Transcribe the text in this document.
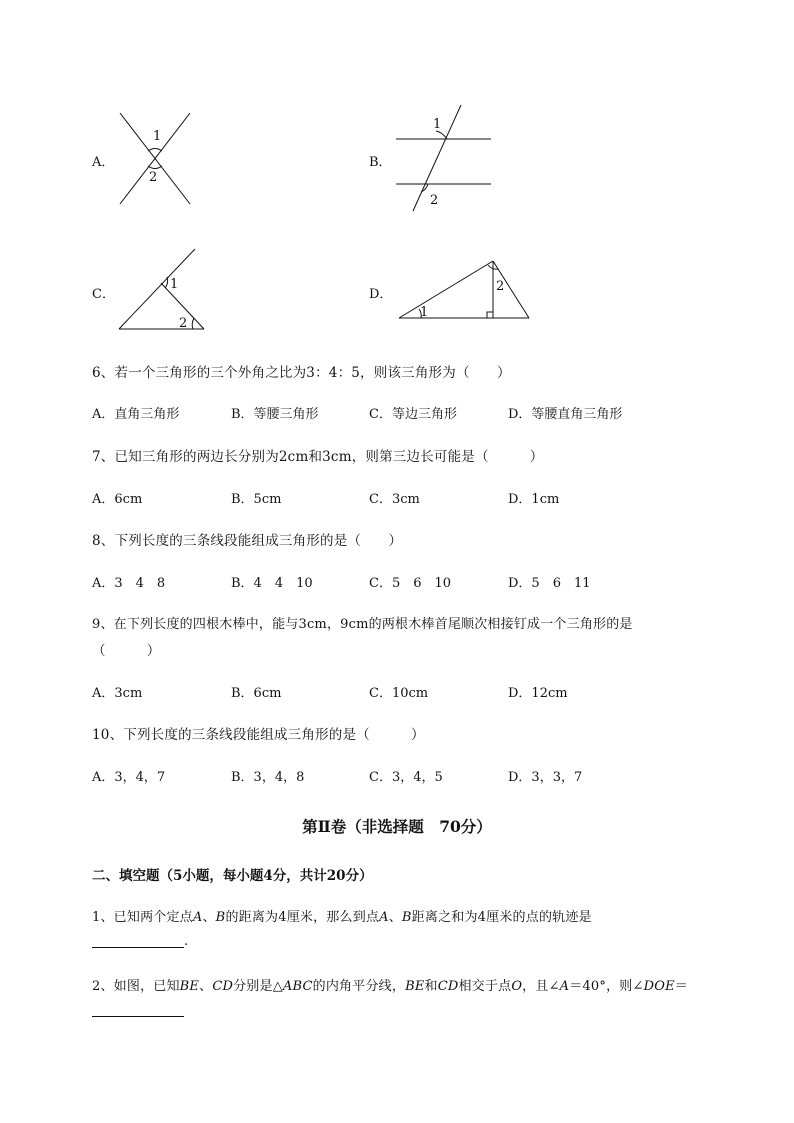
A．
1
2
B．
1
2
C．
1
2
D．
1
2
6、若一个三角形的三个外角之比为3：4：5，则该三角形为（　　）
A．直角三角形	B．等腰三角形	C．等边三角形	D．等腰直角三角形
7、已知三角形的两边长分别为2cm和3cm，则第三边长可能是（　　　）
A．6cm	B．5cm	C．3cm	D．1cm
8、下列长度的三条线段能组成三角形的是（　　）
A．3　4　8	B．4　4　10	C．5　6　10	D．5　6　11
9、在下列长度的四根木棒中，能与3cm，9cm的两根木棒首尾顺次相接钉成一个三角形的是
（　　　）
A．3cm	B．6cm	C．10cm	D．12cm
10、下列长度的三条线段能组成三角形的是（　　　）
A．3，4，7	B．3，4，8	C．3，4，5	D．3，3，7
第Ⅱ卷（非选择题　70分）
二、填空题（5小题，每小题4分，共计20分）
1、已知两个定点A、B的距离为4厘米，那么到点A、B距离之和为4厘米的点的轨迹是
.
2、如图，已知BE、CD分别是△ABC的内角平分线，BE和CD相交于点O，且∠A＝40°，则∠DOE＝
